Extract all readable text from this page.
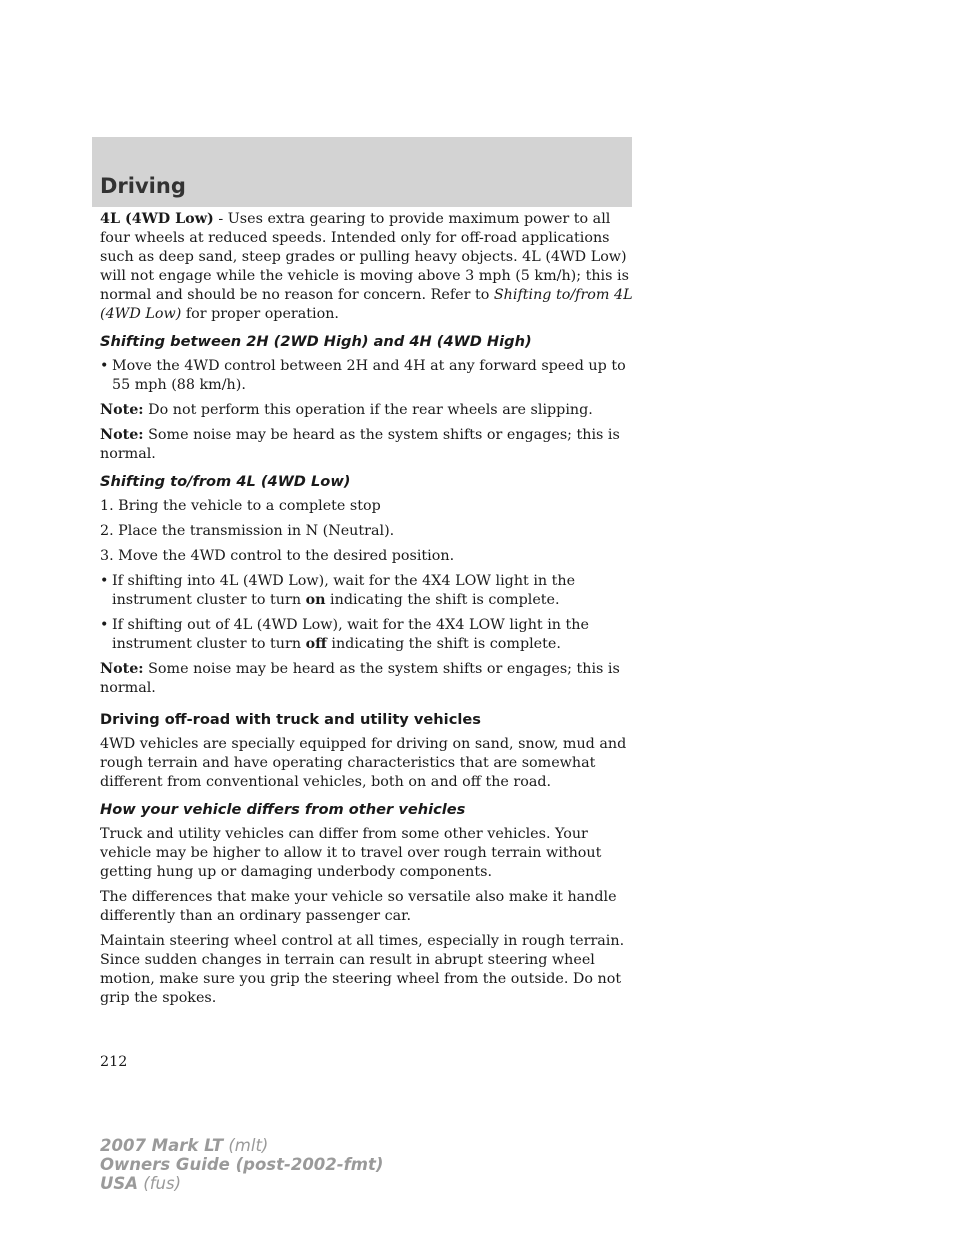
Driving

4L (4WD Low) - Uses extra gearing to provide maximum power to all four wheels at reduced speeds. Intended only for off-road applications such as deep sand, steep grades or pulling heavy objects. 4L (4WD Low) will not engage while the vehicle is moving above 3 mph (5 km/h); this is normal and should be no reason for concern. Refer to Shifting to/from 4L (4WD Low) for proper operation.

Shifting between 2H (2WD High) and 4H (4WD High)
• Move the 4WD control between 2H and 4H at any forward speed up to 55 mph (88 km/h).

Note: Do not perform this operation if the rear wheels are slipping.

Note: Some noise may be heard as the system shifts or engages; this is normal.

Shifting to/from 4L (4WD Low)

1. Bring the vehicle to a complete stop

2. Place the transmission in N (Neutral).

3. Move the 4WD control to the desired position.

• If shifting into 4L (4WD Low), wait for the 4X4 LOW light in the instrument cluster to turn on indicating the shift is complete.
• If shifting out of 4L (4WD Low), wait for the 4X4 LOW light in the instrument cluster to turn off indicating the shift is complete.

Note: Some noise may be heard as the system shifts or engages; this is normal.

Driving off-road with truck and utility vehicles

4WD vehicles are specially equipped for driving on sand, snow, mud and rough terrain and have operating characteristics that are somewhat different from conventional vehicles, both on and off the road.

How your vehicle differs from other vehicles

Truck and utility vehicles can differ from some other vehicles. Your vehicle may be higher to allow it to travel over rough terrain without getting hung up or damaging underbody components.

The differences that make your vehicle so versatile also make it handle differently than an ordinary passenger car.

Maintain steering wheel control at all times, especially in rough terrain. Since sudden changes in terrain can result in abrupt steering wheel motion, make sure you grip the steering wheel from the outside. Do not grip the spokes.

212
2007 Mark LT (mlt)
Owners Guide (post-2002-fmt)
USA (fus)
